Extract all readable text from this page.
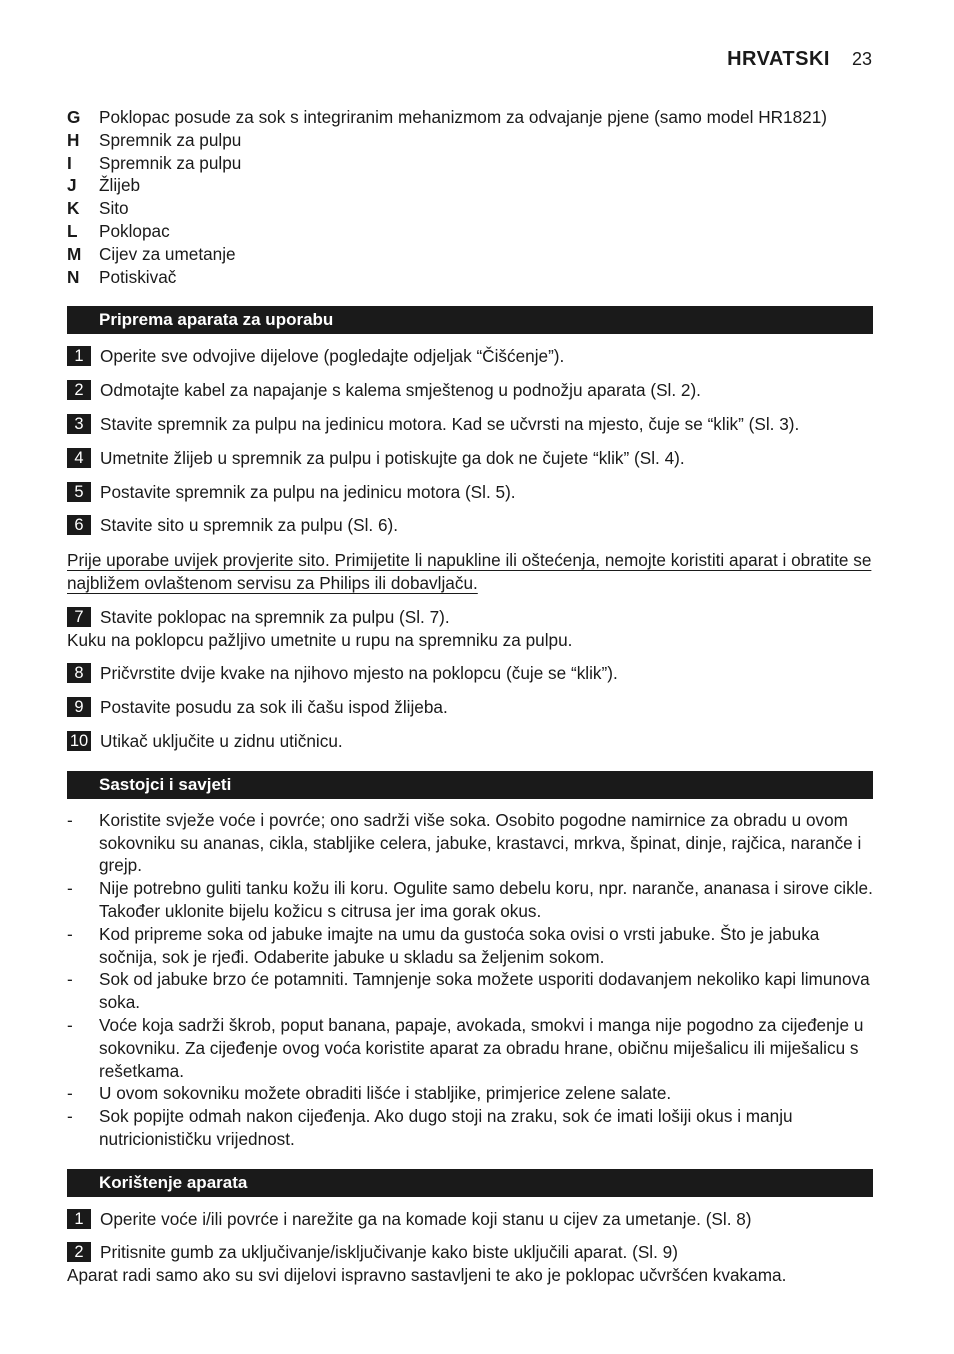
HRVATSKI 23
G	Poklopac posude za sok s integriranim mehanizmom za odvajanje pjene (samo model HR1821)
H	Spremnik za pulpu
I	Spremnik za pulpu
J	Žlijeb
K	Sito
L	Poklopac
M	Cijev za umetanje
N	Potiskivač
Priprema aparata za uporabu
1 Operite sve odvojive dijelove (pogledajte odjeljak “Čišćenje”).
2 Odmotajte kabel za napajanje s kalema smještenog u podnožju aparata (Sl. 2).
3 Stavite spremnik za pulpu na jedinicu motora. Kad se učvrsti na mjesto, čuje se “klik” (Sl. 3).
4 Umetnite žlijeb u spremnik za pulpu i potiskujte ga dok ne čujete “klik” (Sl. 4).
5 Postavite spremnik za pulpu na jedinicu motora (Sl. 5).
6 Stavite sito u spremnik za pulpu (Sl. 6).
Prije uporabe uvijek provjerite sito. Primijetite li napukline ili oštećenja, nemojte koristiti aparat i obratite se najbližem ovlaštenom servisu za Philips ili dobavljaču.
7 Stavite poklopac na spremnik za pulpu (Sl. 7).
Kuku na poklopcu pažljivo umetnite u rupu na spremniku za pulpu.
8 Pričvrstite dvije kvake na njihovo mjesto na poklopcu (čuje se “klik”).
9 Postavite posudu za sok ili čašu ispod žlijeba.
10 Utikač uključite u zidnu utičnicu.
Sastojci i savjeti
-	Koristite svježe voće i povrće; ono sadrži više soka. Osobito pogodne namirnice za obradu u ovom sokovniku su ananas, cikla, stabljike celera, jabuke, krastavci, mrkva, špinat, dinje, rajčica, naranče i grejp.
-	Nije potrebno guliti tanku kožu ili koru. Ogulite samo debelu koru, npr. naranče, ananasa i sirove cikle. Također uklonite bijelu kožicu s citrusa jer ima gorak okus.
-	Kod pripreme soka od jabuke imajte na umu da gustoća soka ovisi o vrsti jabuke. Što je jabuka sočnija, sok je rjeđi. Odaberite jabuke u skladu sa željenim sokom.
-	Sok od jabuke brzo će potamniti. Tamnjenje soka možete usporiti dodavanjem nekoliko kapi limunova soka.
-	Voće koja sadrži škrob, poput banana, papaje, avokada, smokvi i manga nije pogodno za cijeđenje u sokovniku. Za cijeđenje ovog voća koristite aparat za obradu hrane, običnu miješalicu ili miješalicu s rešetkama.
-	U ovom sokovniku možete obraditi lišće i stabljike, primjerice zelene salate.
-	Sok popijte odmah nakon cijeđenja. Ako dugo stoji na zraku, sok će imati lošiji okus i manju nutricionističku vrijednost.
Korištenje aparata
1 Operite voće i/ili povrće i narežite ga na komade koji stanu u cijev za umetanje. (Sl. 8)
2 Pritisnite gumb za uključivanje/isključivanje kako biste uključili aparat. (Sl. 9)
Aparat radi samo ako su svi dijelovi ispravno sastavljeni te ako je poklopac učvršćen kvakama.
